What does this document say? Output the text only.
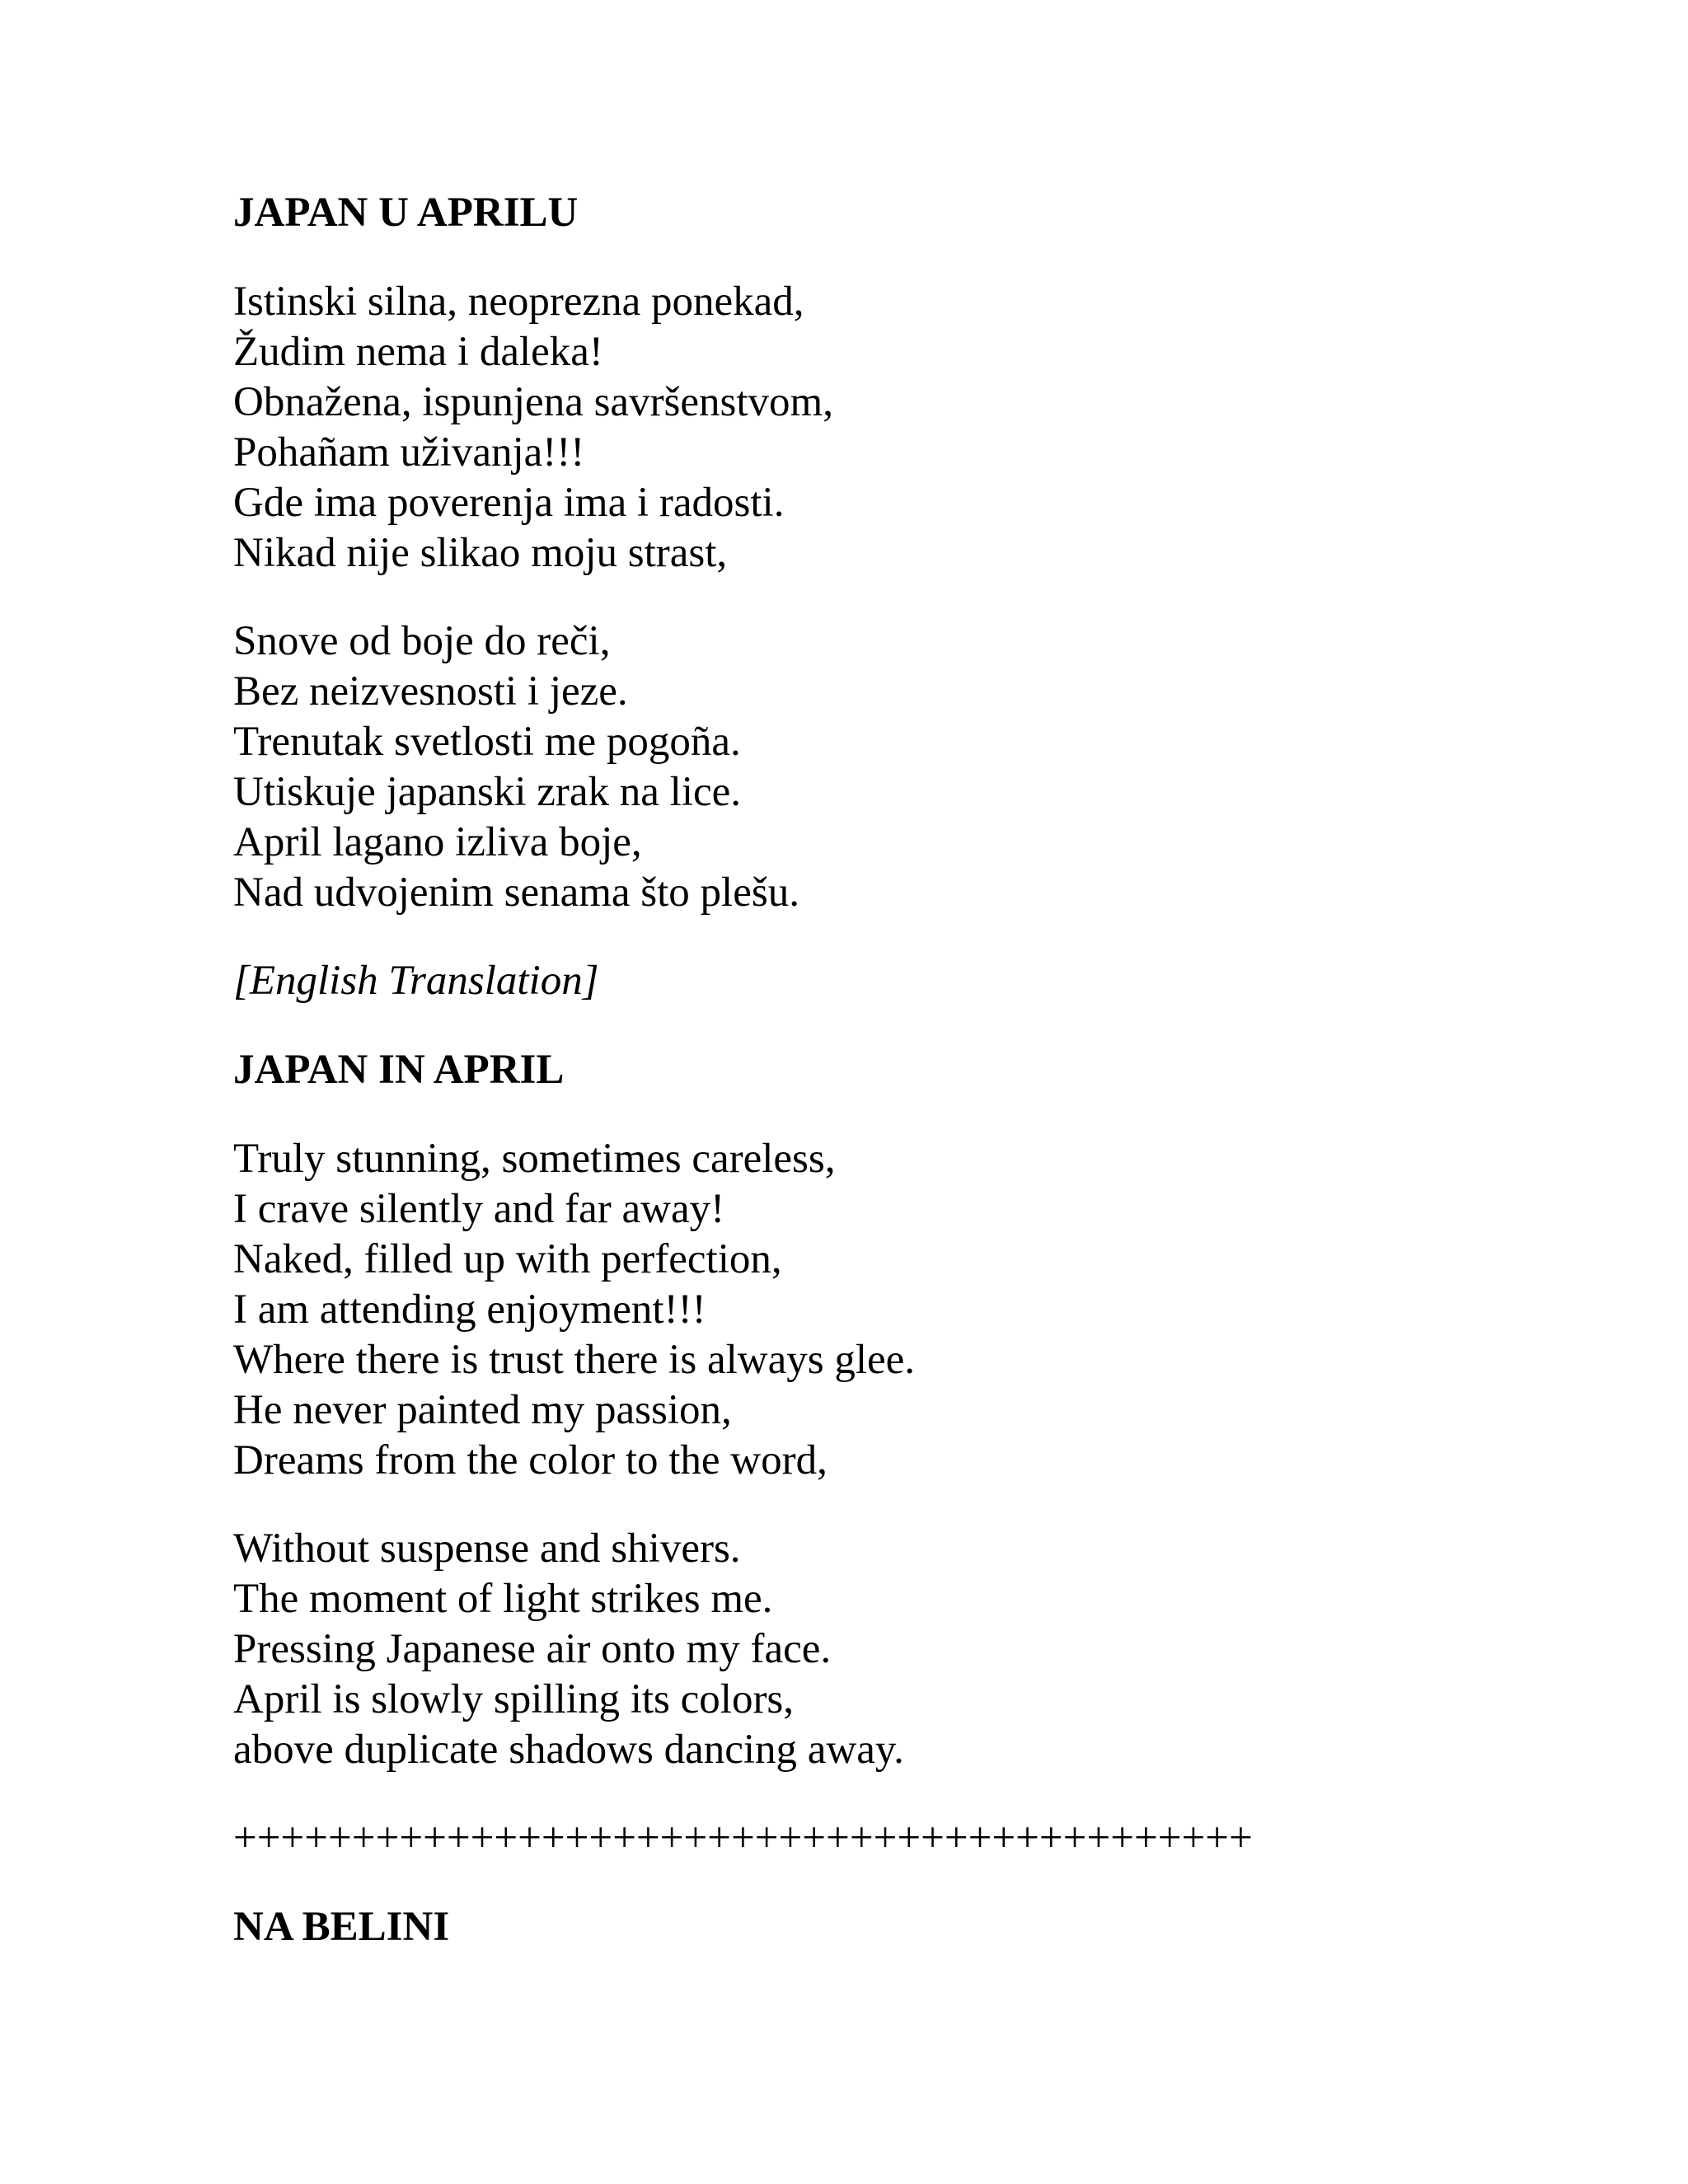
JAPAN U APRILU
Istinski silna, neoprezna ponekad,
Žudim nema i daleka!
Obnažena, ispunjena savršenstvom,
Pohañam uživanja!!!
Gde ima poverenja ima i radosti.
Nikad nije slikao moju strast,
Snove od boje do reči,
Bez neizvesnosti i jeze.
Trenutak svetlosti me pogoña.
Utiskuje japanski zrak na lice.
April lagano izliva boje,
Nad udvojenim senama što plešu.
[English Translation]
JAPAN IN APRIL
Truly stunning, sometimes careless,
I crave silently and far away!
Naked, filled up with perfection,
I am attending enjoyment!!!
Where there is trust there is always glee.
He never painted my passion,
Dreams from the color to the word,
Without suspense and shivers.
The moment of light strikes me.
Pressing Japanese air onto my face.
April is slowly spilling its colors,
above duplicate shadows dancing away.
+++++++++++++++++++++++++++++++++++++++++++
NA BELINI
